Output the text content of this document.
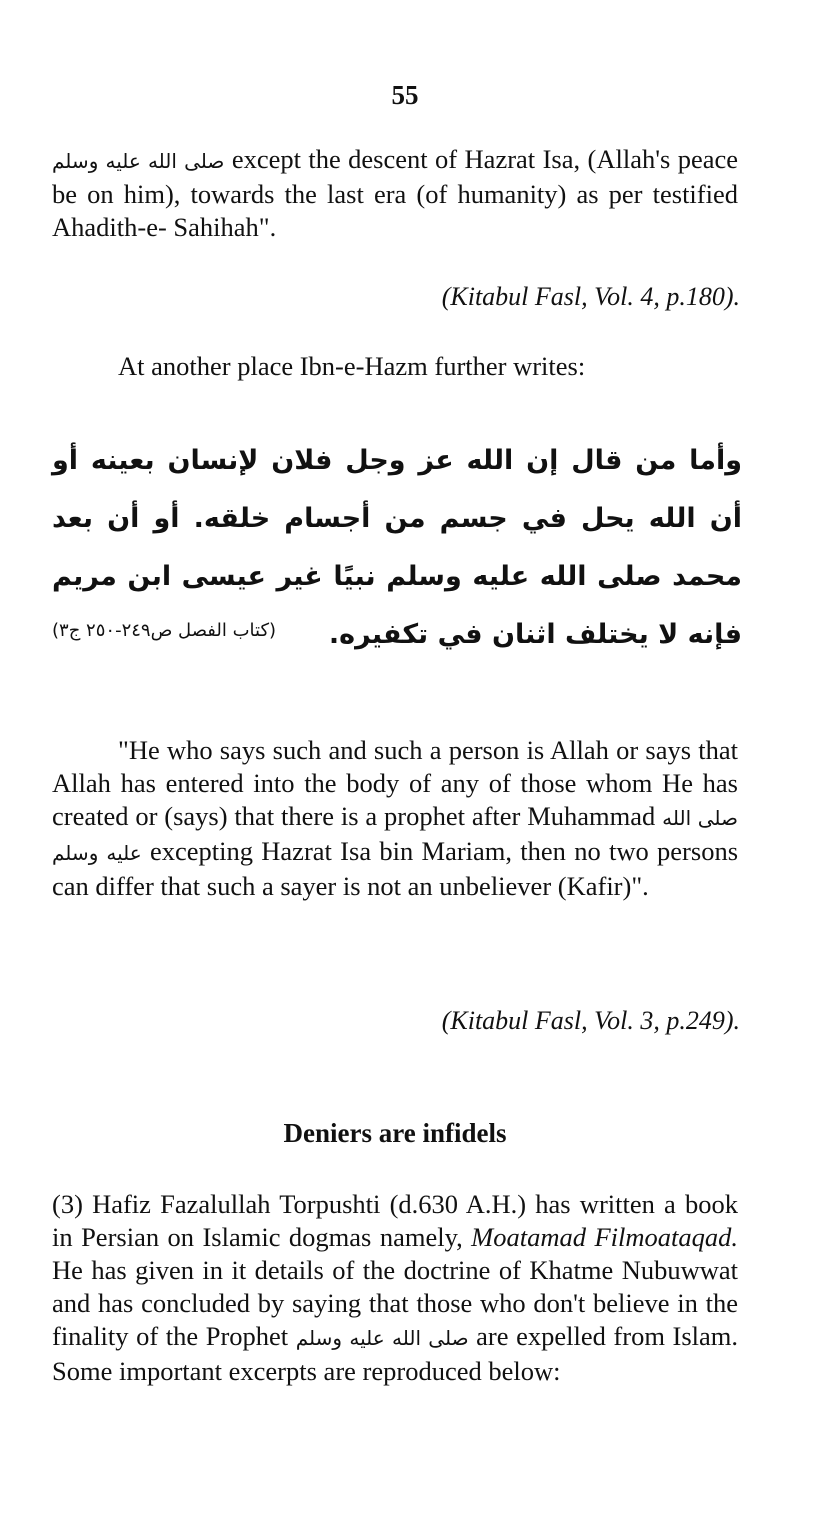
55

صلى الله عليه وسلم except the descent of Hazrat Isa, (Allah's peace be on him), towards the last era (of humanity) as per testified Ahadith-e- Sahihah".

(Kitabul Fasl, Vol. 4, p.180).

At another place Ibn-e-Hazm further writes:

وأما من قال إن الله عز وجل فلان لإنسان بعينه أو أن الله يحل في جسم من أجسام خلقه. أو أن بعد محمد صلى الله عليه وسلم نبيًا غير عيسى ابن مريم فإنه لا يختلف اثنان في تكفيره.

(كتاب الفصل ص٢٤٩-٢٥٠ ج٣)

"He who says such and such a person is Allah or says that Allah has entered into the body of any of those whom He has created or (says) that there is a prophet after Muhammad صلى الله عليه وسلم excepting Hazrat Isa bin Mariam, then no two persons can differ that such a sayer is not an unbeliever (Kafir)".

(Kitabul Fasl, Vol. 3, p.249).
Deniers are infidels

(3) Hafiz Fazalullah Torpushti (d.630 A.H.) has written a book in Persian on Islamic dogmas namely, Moatamad Filmoataqad. He has given in it details of the doctrine of Khatme Nubuwwat and has concluded by saying that those who don't believe in the finality of the Prophet صلى الله عليه وسلم are expelled from Islam. Some important excerpts are reproduced below:
